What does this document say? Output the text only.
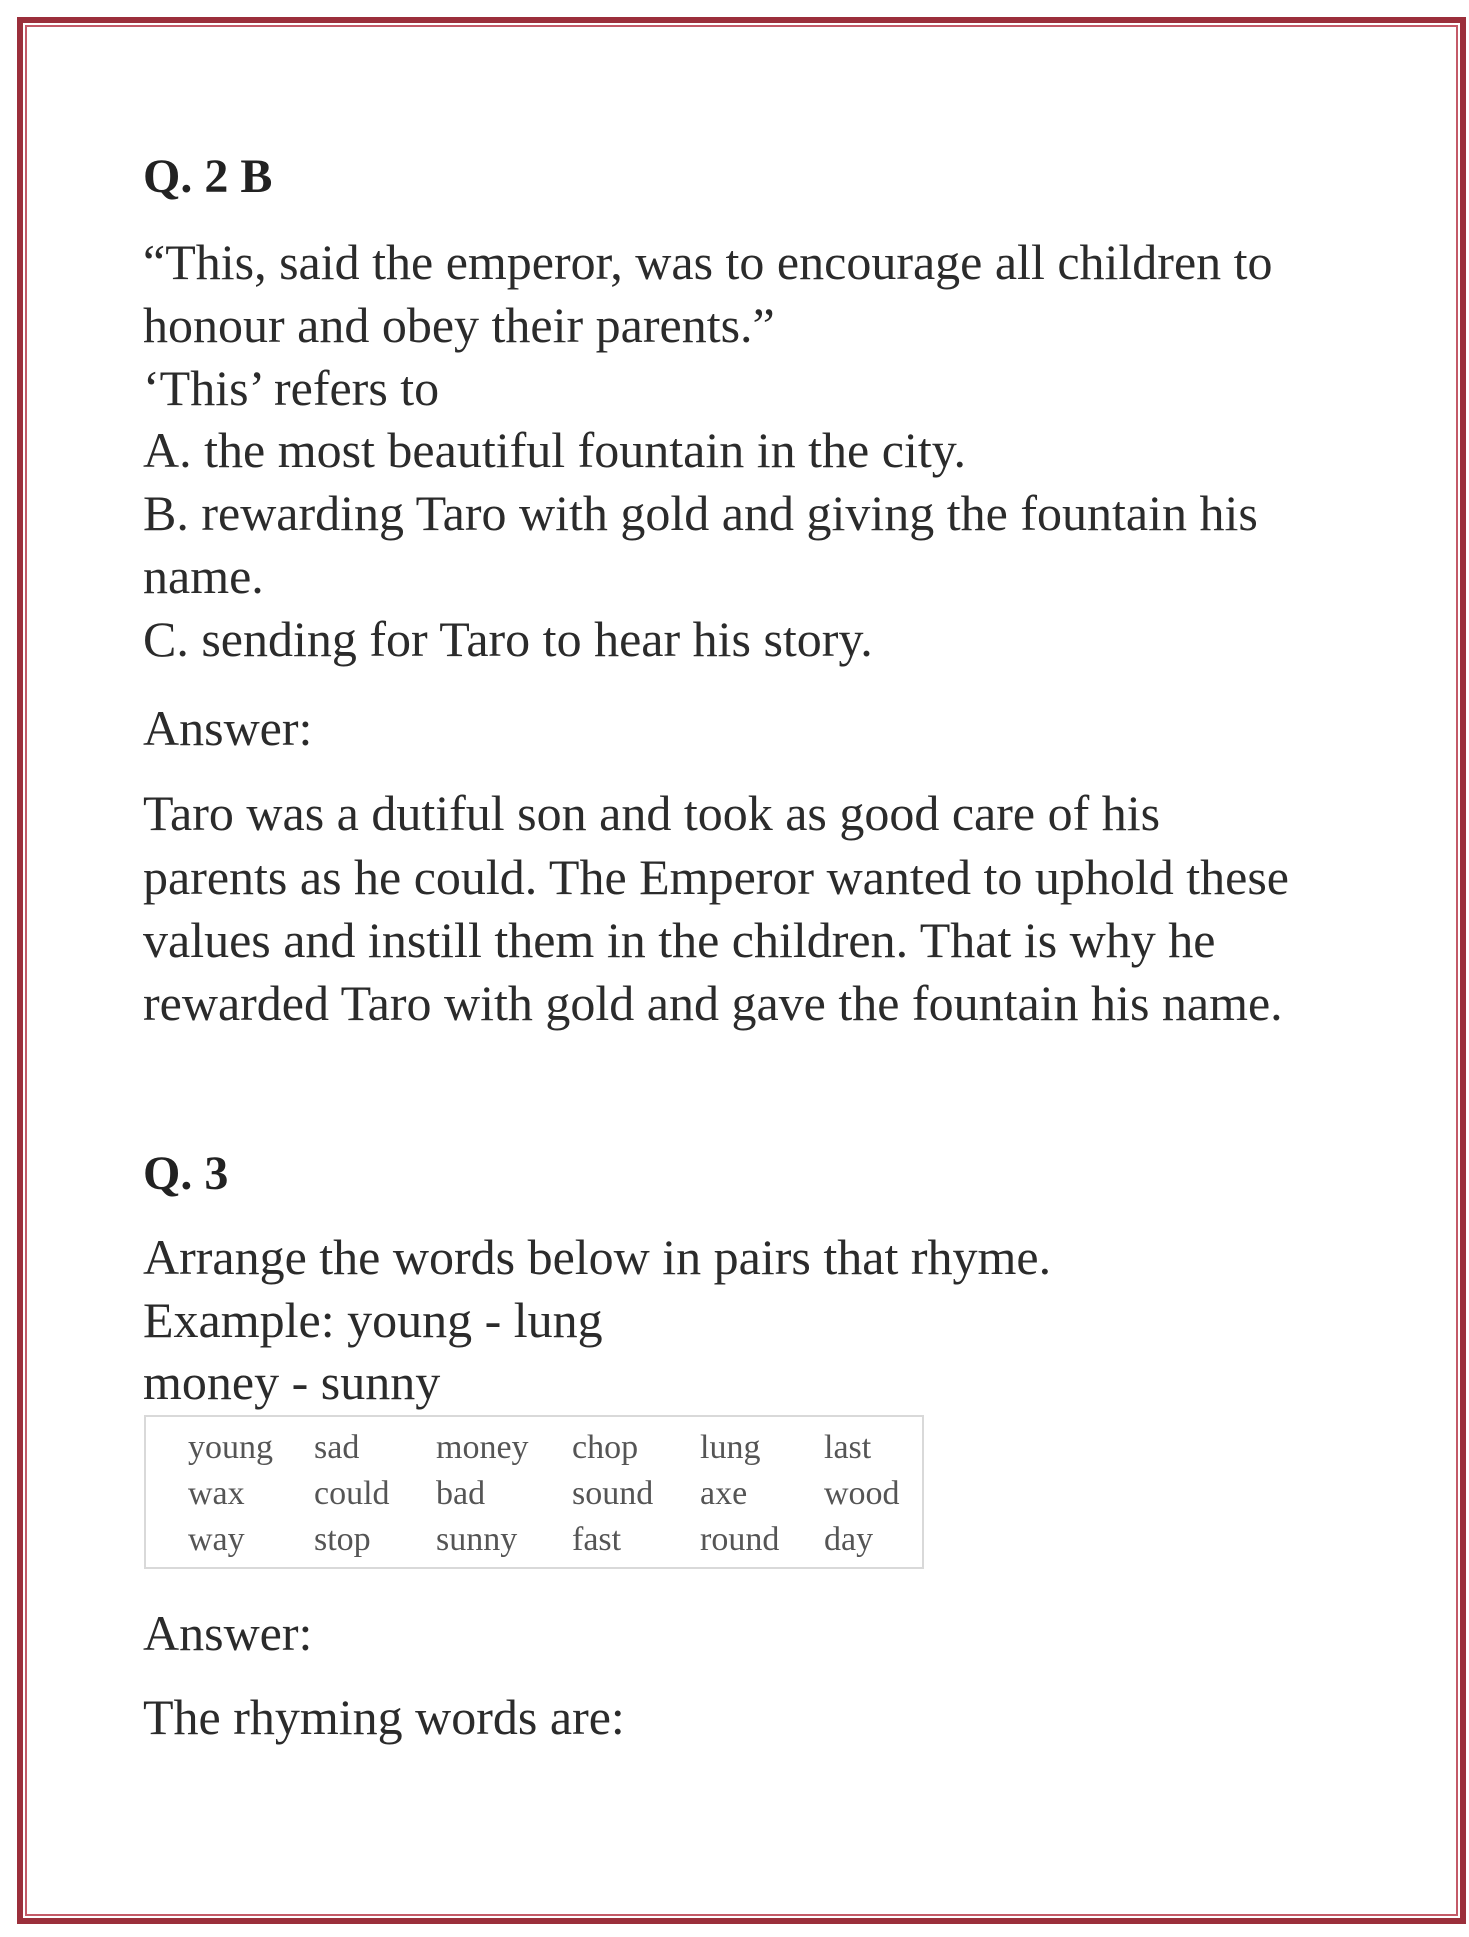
Q. 2 B
“This, said the emperor, was to encourage all children to
honour and obey their parents.”
‘This’ refers to
A. the most beautiful fountain in the city.
B. rewarding Taro with gold and giving the fountain his
name.
C. sending for Taro to hear his story.
Answer:
Taro was a dutiful son and took as good care of his
parents as he could. The Emperor wanted to uphold these
values and instill them in the children. That is why he
rewarded Taro with gold and gave the fountain his name.
Q. 3
Arrange the words below in pairs that rhyme.
Example: young - lung
money - sunny
young sad money chop lung last
wax could bad	sound axe wood
way stop sunny fast round day
Answer:
The rhyming words are:
